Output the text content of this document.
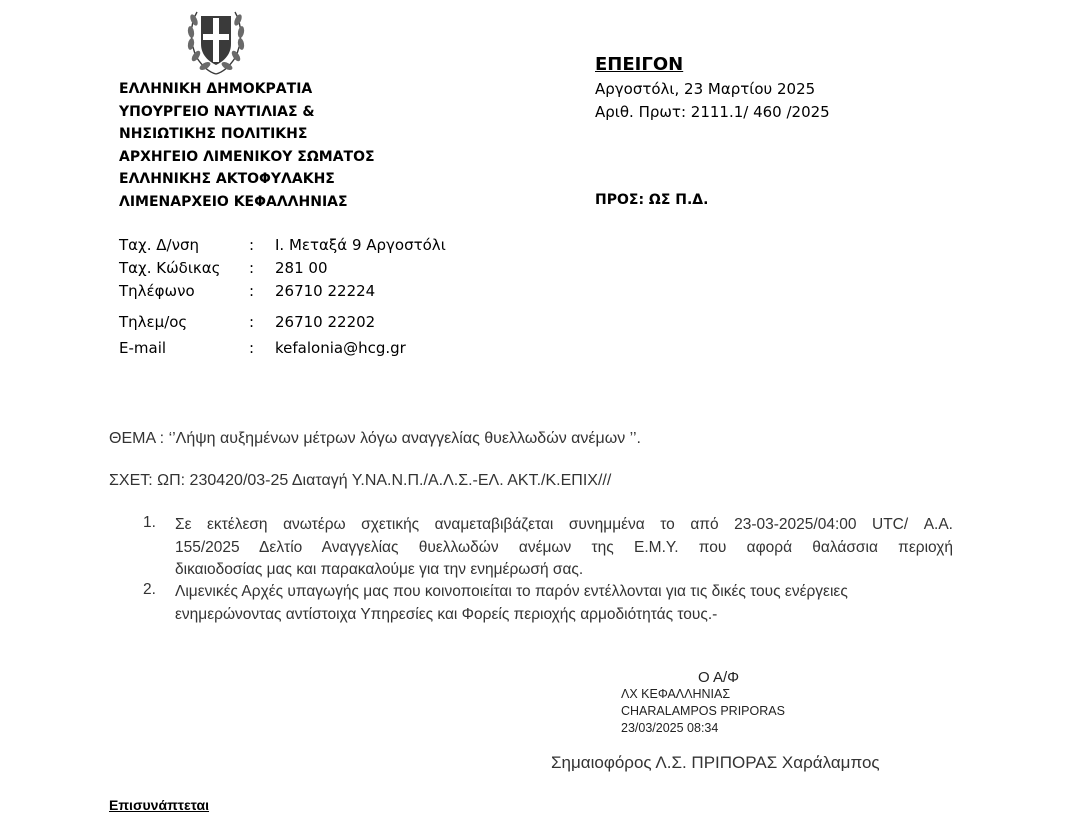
ΕΛΛΗΝΙΚΗ ΔΗΜΟΚΡΑΤΙΑ
ΥΠΟΥΡΓΕΙΟ ΝΑΥΤΙΛΙΑΣ &
ΝΗΣΙΩΤΙΚΗΣ ΠΟΛΙΤΙΚΗΣ
ΑΡΧΗΓΕΙΟ ΛΙΜΕΝΙΚΟΥ ΣΩΜΑΤΟΣ
ΕΛΛΗΝΙΚΗΣ ΑΚΤΟΦΥΛΑΚΗΣ
ΛΙΜΕΝΑΡΧΕΙΟ ΚΕΦΑΛΛΗΝΙΑΣ
Ταχ. Δ/νση	: Ι. Μεταξά 9 Αργοστόλι
Ταχ. Κώδικας : 281 00
Τηλέφωνο	: 26710 22224
Τηλεμ/ος	: 26710 22202
E-mail	: kefalonia@hcg.gr
ΕΠΕΙΓΟΝ
Αργοστόλι, 23 Μαρτίου 2025
Αριθ. Πρωτ: 2111.1/ 460 /2025
ΠΡΟΣ: ΩΣ Π.Δ.
ΘΕΜΑ : ‘’Λήψη αυξημένων μέτρων λόγω αναγγελίας θυελλωδών ανέμων ’’.
ΣΧΕΤ: ΩΠ: 230420/03-25 Διαταγή Υ.ΝΑ.Ν.Π./Α.Λ.Σ.-ΕΛ. ΑΚΤ./Κ.ΕΠΙΧ///
1. Σε εκτέλεση ανωτέρω σχετικής αναμεταβιβάζεται συνημμένα το από 23-03-2025/04:00 UTC/ Α.Α.
155/2025 Δελτίο Αναγγελίας θυελλωδών ανέμων της Ε.Μ.Υ. που αφορά θαλάσσια περιοχή
δικαιοδοσίας μας και παρακαλούμε για την ενημέρωσή σας.
2. Λιμενικές Αρχές υπαγωγής μας που κοινοποιείται το παρόν εντέλλονται για τις δικές τους ενέργειες
ενημερώνοντας αντίστοιχα Υπηρεσίες και Φορείς περιοχής αρμοδιότητάς τους.-
Ο Α/Φ
ΛΧ ΚΕΦΑΛΛΗΝΙΑΣ
CHARALAMPOS PRIPORAS
23/03/2025 08:34
Σημαιοφόρος Λ.Σ. ΠΡΙΠΟΡΑΣ Χαράλαμπος
Επισυνάπτεται
